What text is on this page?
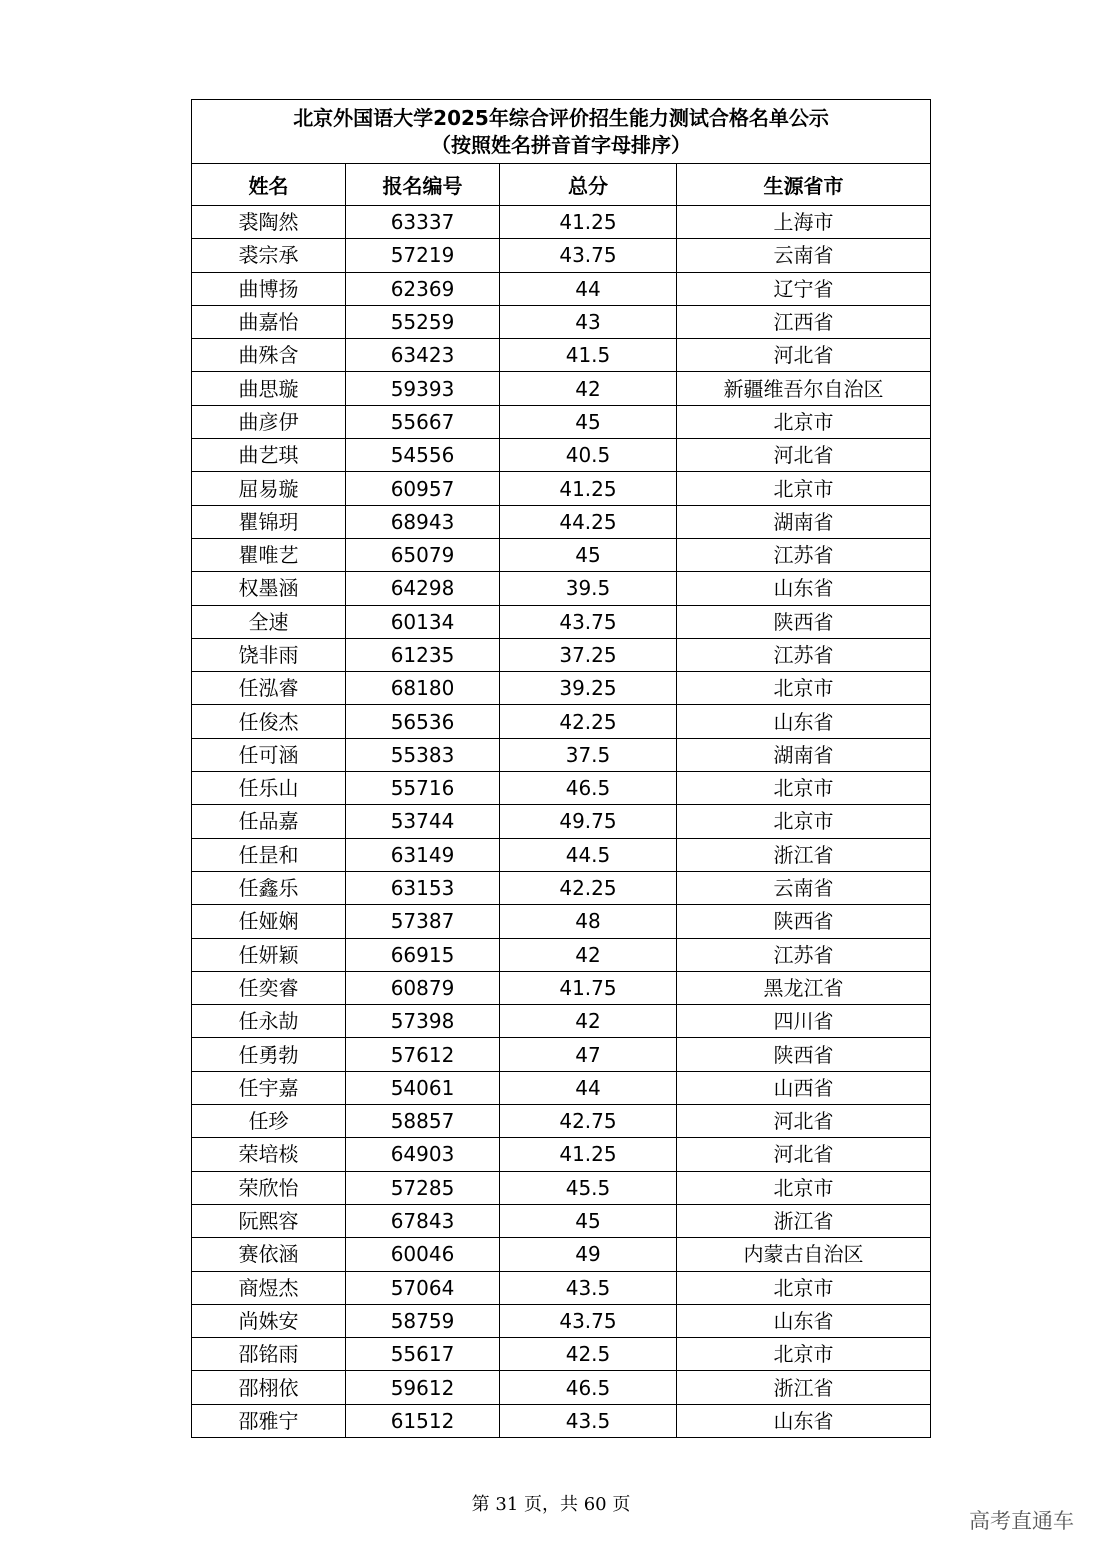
北京外国语大学2025年综合评价招生能力测试合格名单公示
（按照姓名拼音首字母排序）			

姓名	报名编号	总分	生源省市
裘陶然	63337	41.25	上海市
裘宗承	57219	43.75	云南省
曲博扬	62369	44	辽宁省
曲嘉怡	55259	43	江西省
曲殊含	63423	41.5	河北省
曲思璇	59393	42	新疆维吾尔自治区
曲彦伊	55667	45	北京市
曲艺琪	54556	40.5	河北省
屈易璇	60957	41.25	北京市
瞿锦玥	68943	44.25	湖南省
瞿唯艺	65079	45	江苏省
权墨涵	64298	39.5	山东省
全速	60134	43.75	陕西省
饶非雨	61235	37.25	江苏省
任泓睿	68180	39.25	北京市
任俊杰	56536	42.25	山东省
任可涵	55383	37.5	湖南省
任乐山	55716	46.5	北京市
任品嘉	53744	49.75	北京市
任昰和	63149	44.5	浙江省
任鑫乐	63153	42.25	云南省
任娅娴	57387	48	陕西省
任妍颖	66915	42	江苏省
任奕睿	60879	41.75	黑龙江省
任永劼	57398	42	四川省
任勇勃	57612	47	陕西省
任宇嘉	54061	44	山西省
任珍	58857	42.75	河北省
荣培棪	64903	41.25	河北省
荣欣怡	57285	45.5	北京市
阮熙容	67843	45	浙江省
赛依涵	60046	49	内蒙古自治区
商煜杰	57064	43.5	北京市
尚姝安	58759	43.75	山东省
邵铭雨	55617	42.5	北京市
邵栩依	59612	46.5	浙江省
邵雅宁	61512	43.5	山东省
第 31 页，共 60 页
高考直通车
